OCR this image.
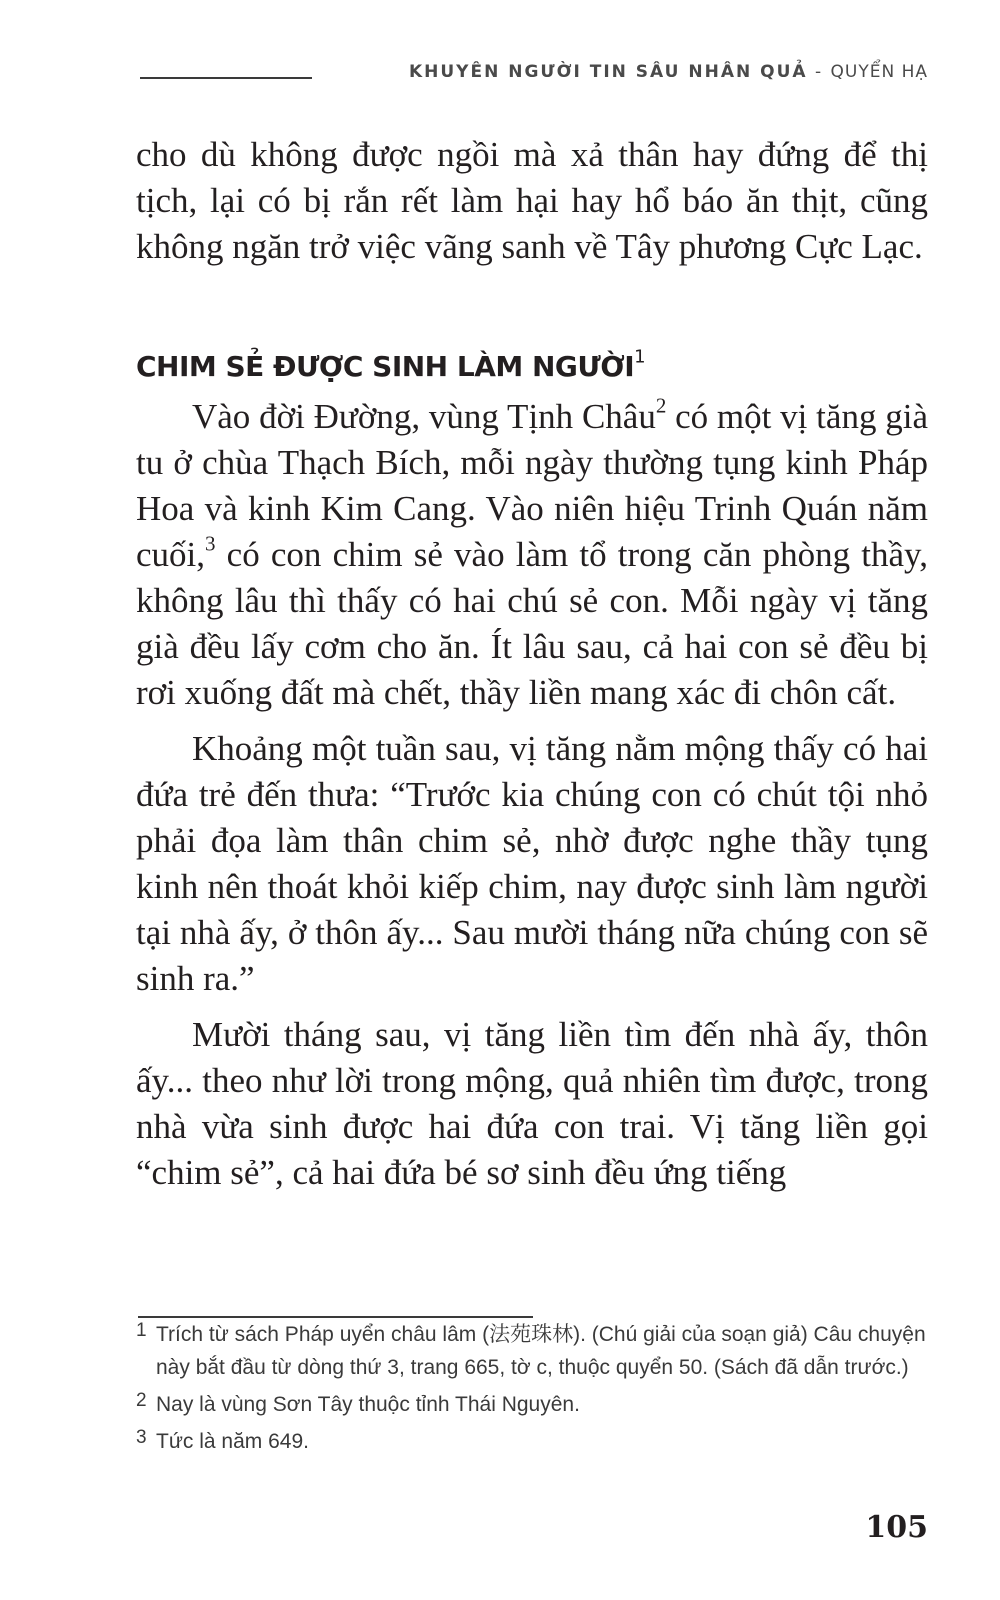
KHUYÊN NGƯỜI TIN SÂU NHÂN QUẢ - QUYỂN HẠ

cho dù không được ngồi mà xả thân hay đứng để thị tịch, lại có bị rắn rết làm hại hay hổ báo ăn thịt, cũng không ngăn trở việc vãng sanh về Tây phương Cực Lạc.

CHIM SẺ ĐƯỢC SINH LÀM NGƯỜI$^1$

Vào đời Đường, vùng Tịnh Châu$^2$ có một vị tăng già tu ở chùa Thạch Bích, mỗi ngày thường tụng kinh Pháp Hoa và kinh Kim Cang. Vào niên hiệu Trinh Quán năm cuối,$^3$ có con chim sẻ vào làm tổ trong căn phòng thầy, không lâu thì thấy có hai chú sẻ con. Mỗi ngày vị tăng già đều lấy cơm cho ăn. Ít lâu sau, cả hai con sẻ đều bị rơi xuống đất mà chết, thầy liền mang xác đi chôn cất.

Khoảng một tuần sau, vị tăng nằm mộng thấy có hai đứa trẻ đến thưa: “Trước kia chúng con có chút tội nhỏ phải đọa làm thân chim sẻ, nhờ được nghe thầy tụng kinh nên thoát khỏi kiếp chim, nay được sinh làm người tại nhà ấy, ở thôn ấy... Sau mười tháng nữa chúng con sẽ sinh ra.”

Mười tháng sau, vị tăng liền tìm đến nhà ấy, thôn ấy... theo như lời trong mộng, quả nhiên tìm được, trong nhà vừa sinh được hai đứa con trai. Vị tăng liền gọi “chim sẻ”, cả hai đứa bé sơ sinh đều ứng tiếng

1 Trích từ sách Pháp uyển châu lâm (法苑珠林). (Chú giải của soạn giả) Câu chuyện này bắt đầu từ dòng thứ 3, trang 665, tờ c, thuộc quyển 50. (Sách đã dẫn trước.)
2 Nay là vùng Sơn Tây thuộc tỉnh Thái Nguyên.
3 Tức là năm 649.
105
